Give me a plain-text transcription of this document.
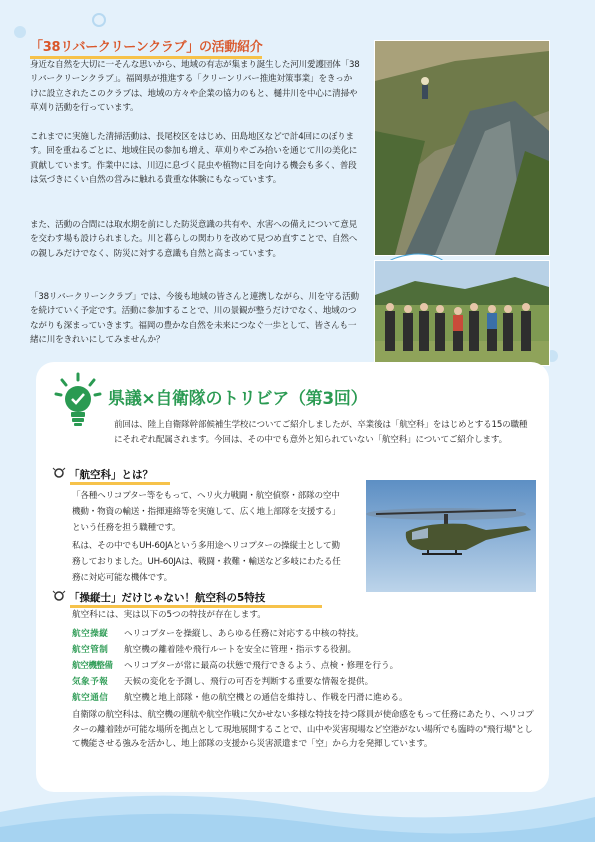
「38リバークリーンクラブ」の活動紹介

身近な自然を大切に一そんな思いから、地域の有志が集まり誕生した河川愛護団体「38リバークリーンクラブ」。福岡県が推進する「クリーンリバー推進対策事業」をきっかけに設立されたこのクラブは、地域の方々や企業の協力のもと、樋井川を中心に清掃や草刈り活動を行っています。

これまでに実施した清掃活動は、長尾校区をはじめ、田島地区などで計4回にのぼります。回を重ねるごとに、地域住民の参加も増え、草刈りやごみ拾いを通じて川の美化に貢献しています。作業中には、川辺に息づく昆虫や植物に目を向ける機会も多く、普段は気づきにくい自然の営みに触れる貴重な体験にもなっています。

また、活動の合間には取水期を前にした防災意識の共有や、水害への備えについて意見を交わす場も設けられました。川と暮らしの関わりを改めて見つめ直すことで、自然への親しみだけでなく、防災に対する意識も自然と高まっています。

「38リバークリーンクラブ」では、今後も地域の皆さんと連携しながら、川を守る活動を続けていく予定です。活動に参加することで、川の景観が整うだけでなく、地域のつながりも深まっていきます。福岡の豊かな自然を未来につなぐ一歩として、皆さんも一緒に川をきれいにしてみませんか？

県議×自衛隊のトリビア（第3回）

前回は、陸上自衛隊幹部候補生学校についてご紹介しましたが、卒業後は「航空科」をはじめとする15の職種にそれぞれ配属されます。今回は、その中でも意外と知られていない「航空科」についてご紹介します。

「航空科」とは？

「各種ヘリコプター等をもって、ヘリ火力戦闘・航空偵察・部隊の空中機動・物資の輸送・指揮連絡等を実施して、広く地上部隊を支援する」という任務を担う職種です。

私は、その中でもUH-60JAという多用途ヘリコプターの操縦士として勤務しておりました。UH-60JAは、戦闘・救難・輸送など多岐にわたる任務に対応可能な機体です。

「操縦士」だけじゃない！航空科の5特技
航空科には、実は以下の5つの特技が存在します。
航空操縦 ヘリコプターを操縦し、あらゆる任務に対応する中核の特技。
航空管制 航空機の離着陸や飛行ルートを安全に管理・指示する役割。
航空機整備 ヘリコプターが常に最高の状態で飛行できるよう、点検・修理を行う。
気象予報 天候の変化を予測し、飛行の可否を判断する重要な情報を提供。
航空通信 航空機と地上部隊・他の航空機との通信を維持し、作戦を円滑に進める。

自衛隊の航空科は、航空機の運航や航空作戦に欠かせない多様な特技を持つ隊員が使命感をもって任務にあたり、ヘリコプターの離着陸が可能な場所を拠点として現地展開することで、山中や災害現場など空港がない場所でも臨時の"飛行場"として機能させる強みを活かし、地上部隊の支援から災害派遣まで「空」から力を発揮しています。
